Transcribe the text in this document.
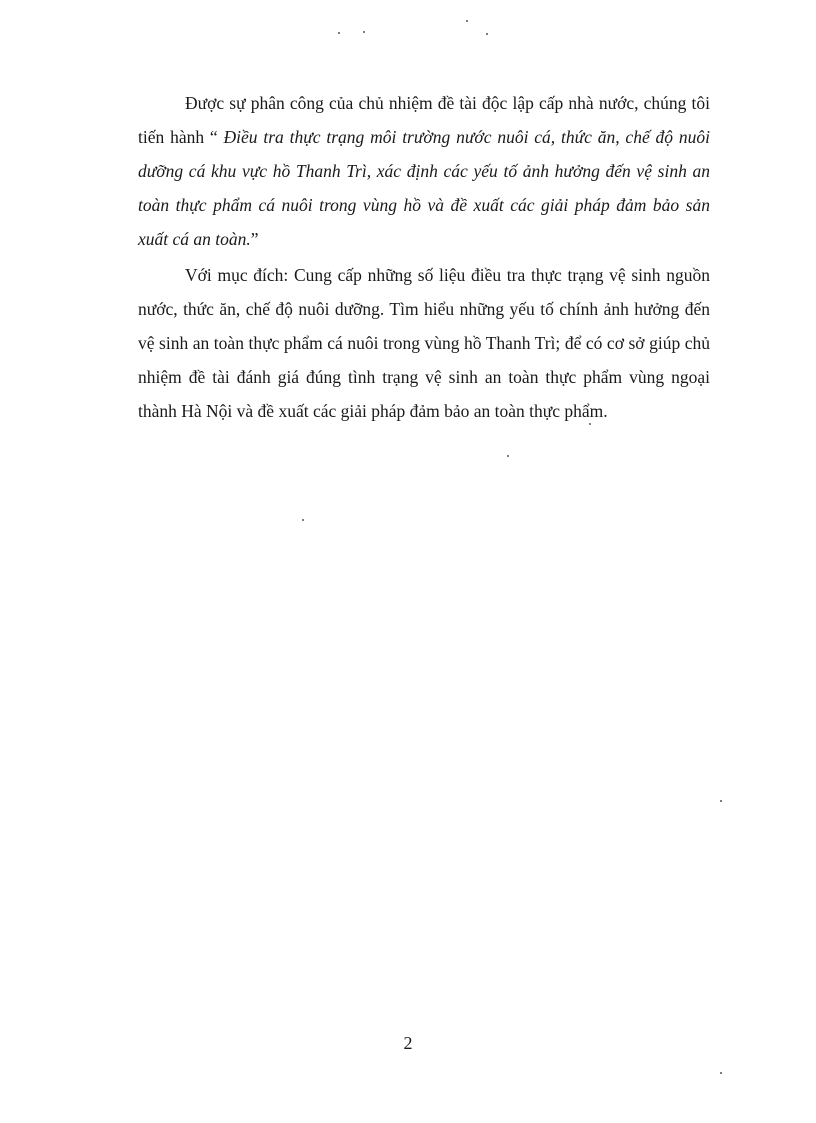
Được sự phân công của chủ nhiệm đề tài độc lập cấp nhà nước, chúng tôi tiến hành “ Điều tra thực trạng môi trường nước nuôi cá, thức ăn, chế độ nuôi dưỡng cá khu vực hồ Thanh Trì, xác định các yếu tố ảnh hưởng đến vệ sinh an toàn thực phẩm cá nuôi trong vùng hồ và đề xuất các giải pháp đảm bảo sản xuất cá an toàn.”

Với mục đích: Cung cấp những số liệu điều tra thực trạng vệ sinh nguồn nước, thức ăn, chế độ nuôi dưỡng. Tìm hiểu những yếu tố chính ảnh hưởng đến vệ sinh an toàn thực phẩm cá nuôi trong vùng hồ Thanh Trì; để có cơ sở giúp chủ nhiệm đề tài đánh giá đúng tình trạng vệ sinh an toàn thực phẩm vùng ngoại thành Hà Nội và đề xuất các giải pháp đảm bảo an toàn thực phẩm.

2
